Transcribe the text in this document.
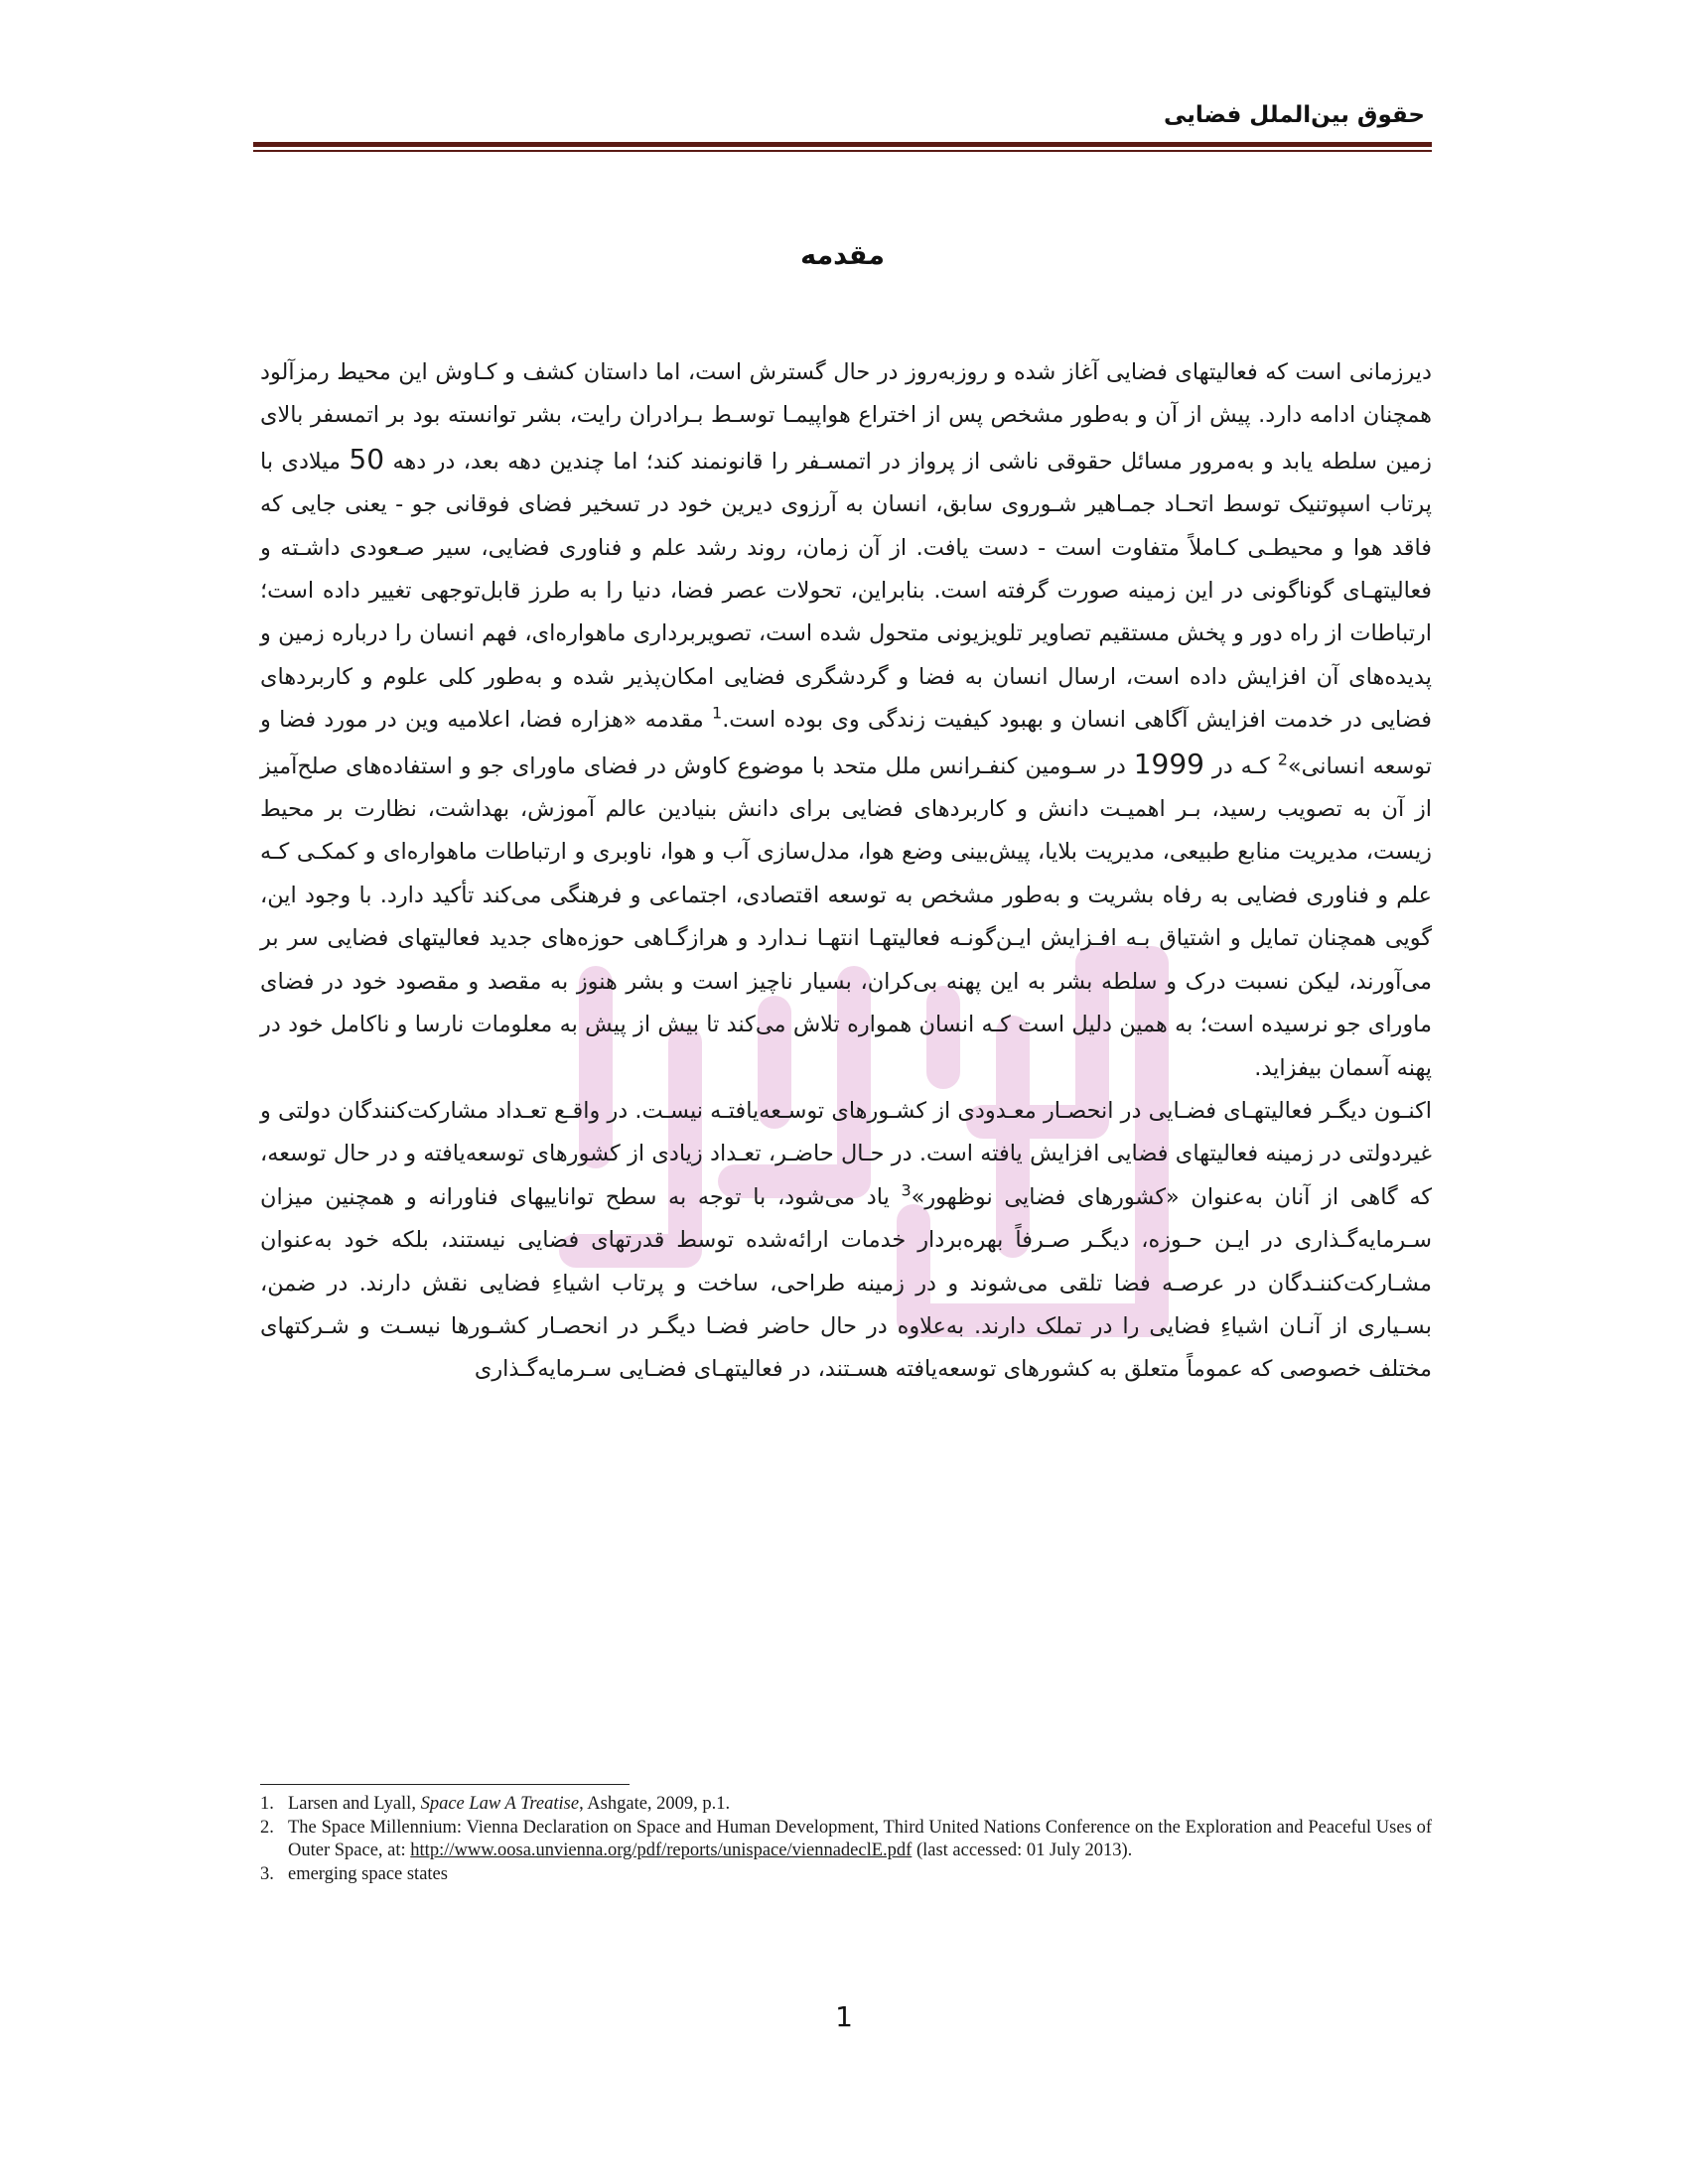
حقوق بین‌الملل فضایی
مقدمه

دیرزمانی است که فعالیتهای فضایی آغاز شده و روزبه‌روز در حال گسترش است، اما داستان کشف و کـاوش این محیط رمزآلود همچنان ادامه دارد. پیش از آن و به‌طور مشخص پس از اختراع هواپیمـا توسـط بـرادران رایت، بشر توانسته بود بر اتمسفر بالای زمین سلطه یابد و به‌مرور مسائل حقوقی ناشی از پرواز در اتمسـفر را قانونمند کند؛ اما چندین دهه بعد، در دهه 50 میلادی با پرتاب اسپوتنیک توسط اتحـاد جمـاهیر شـوروی سابق، انسان به آرزوی دیرین خود در تسخیر فضای فوقانی جو - یعنی جایی که فاقد هوا و محیطـی کـاملاً متفاوت است - دست یافت. از آن زمان، روند رشد علم و فناوری فضایی، سیر صـعودی داشـته و فعالیتهـای گوناگونی در این زمینه صورت گرفته است. بنابراین، تحولات عصر فضا، دنیا را به طرز قابل‌توجهی تغییر داده است؛ ارتباطات از راه دور و پخش مستقیم تصاویر تلویزیونی متحول شده است، تصویربرداری ماهواره‌ای، فهم انسان را درباره زمین و پدیده‌های آن افزایش داده است، ارسال انسان به فضا و گردشگری فضایی امکان‌پذیر شده و به‌طور کلی علوم و کاربردهای فضایی در خدمت افزایش آگاهی انسان و بهبود کیفیت زندگی وی بوده است.$^1$ مقدمه «هزاره فضا، اعلامیه وین در مورد فضا و توسعه انسانی»$^2$ کـه در 1999 در سـومین کنفـرانس ملل متحد با موضوع کاوش در فضای ماورای جو و استفاده‌های صلح‌آمیز از آن به تصویب رسید، بـر اهمیـت دانش و کاربردهای فضایی برای دانش بنیادین عالم آموزش، بهداشت، نظارت بر محیط زیست، مدیریت منابع طبیعی، مدیریت بلایا، پیش‌بینی وضع هوا، مدل‌سازی آب و هوا، ناوبری و ارتباطات ماهواره‌ای و کمکـی کـه علم و فناوری فضایی به رفاه بشریت و به‌طور مشخص به توسعه اقتصادی، اجتماعی و فرهنگی می‌کند تأکید دارد. با وجود این، گویی همچنان تمایل و اشتیاق بـه افـزایش ایـن‌گونـه فعالیتهـا انتهـا نـدارد و هرازگـاهی حوزه‌های جدید فعالیتهای فضایی سر بر می‌آورند، لیکن نسبت درک و سلطه بشر به این پهنه بی‌کران، بسیار ناچیز است و بشر هنوز به مقصد و مقصود خود در فضای ماورای جو نرسیده است؛ به همین دلیل است کـه انسان همواره تلاش می‌کند تا بیش از پیش به معلومات نارسا و ناکامل خود در پهنه آسمان بیفزاید.

اکنـون دیگـر فعالیتهـای فضـایی در انحصـار معـدودی از کشـورهای توسـعه‌یافتـه نیسـت. در واقـع تعـداد مشارکت‌کنندگان دولتی و غیردولتی در زمینه فعالیتهای فضایی افزایش یافته است. در حـال حاضـر، تعـداد زیادی از کشورهای توسعه‌یافته و در حال توسعه، که گاهی از آنان به‌عنوان «کشورهای فضایی نوظهور»$^3$ یاد می‌شود، با توجه به سطح تواناییهای فناورانه و همچنین میزان سـرمایه‌گـذاری در ایـن حـوزه، دیگـر صـرفاً بهره‌بردار خدمات ارائه‌شده توسط قدرتهای فضایی نیستند، بلکه خود به‌عنوان مشـارکت‌کننـدگان در عرصـه فضا تلقی می‌شوند و در زمینه طراحی، ساخت و پرتاب اشیاءِ فضایی نقش دارند. در ضمن، بسـیاری از آنـان اشیاءِ فضایی را در تملک دارند. به‌علاوه در حال حاضر فضـا دیگـر در انحصـار کشـورها نیسـت و شـرکتهای مختلف خصوصی که عموماً متعلق به کشورهای توسعه‌یافته هسـتند، در فعالیتهـای فضـایی سـرمایه‌گـذاری

1. Larsen and Lyall, Space Law A Treatise, Ashgate, 2009, p.1.
2. The Space Millennium: Vienna Declaration on Space and Human Development, Third United Nations Conference on the Exploration and Peaceful Uses of Outer Space, at: http://www.oosa.unvienna.org/pdf/reports/unispace/viennadeclE.pdf (last accessed: 01 July 2013).
3. emerging space states
1
